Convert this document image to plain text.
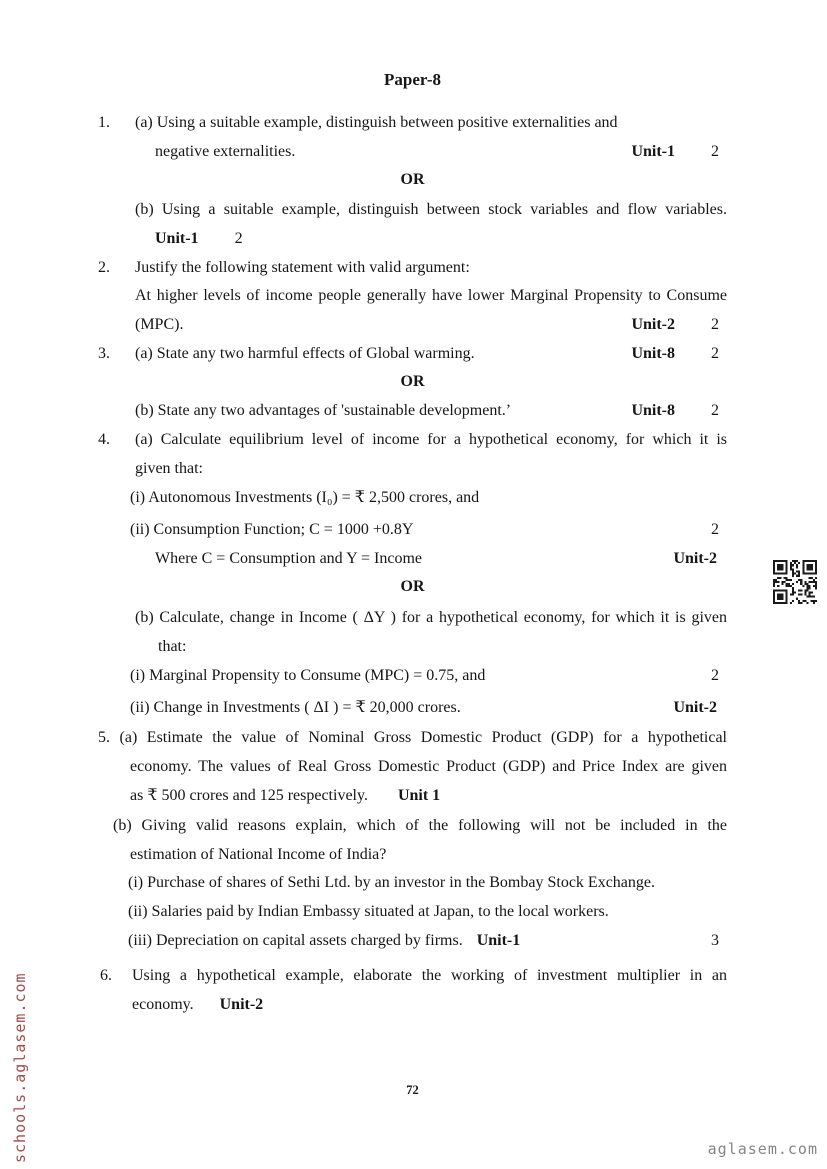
Paper-8
1. (a) Using a suitable example, distinguish between positive externalities and
negative externalities.	Unit-1 2
OR
(b) Using a suitable example, distinguish between stock variables and flow variables.
Unit-1 2
2. Justify the following statement with valid argument:
At higher levels of income people generally have lower Marginal Propensity to Consume
(MPC).	Unit-2 2
3. (a) State any two harmful effects of Global warming.	Unit-8 2
OR
(b) State any two advantages of 'sustainable development.’	Unit-8 2
4. (a) Calculate equilibrium level of income for a hypothetical economy, for which it is
given that:
(i) Autonomous Investments (I₀) = ₹ 2,500 crores, and
(ii) Consumption Function; C = 1000 +0.8Y	2
Where C = Consumption and Y = Income	Unit-2
OR
(b) Calculate, change in Income ( ΔY ) for a hypothetical economy, for which it is given
that:
(i) Marginal Propensity to Consume (MPC) = 0.75, and	2
(ii) Change in Investments ( ΔI ) = ₹ 20,000 crores.	Unit-2
5. (a) Estimate the value of Nominal Gross Domestic Product (GDP) for a hypothetical
economy. The values of Real Gross Domestic Product (GDP) and Price Index are given
as ₹ 500 crores and 125 respectively. Unit 1
(b) Giving valid reasons explain, which of the following will not be included in the
estimation of National Income of India?
(i) Purchase of shares of Sethi Ltd. by an investor in the Bombay Stock Exchange.
(ii) Salaries paid by Indian Embassy situated at Japan, to the local workers.
(iii) Depreciation on capital assets charged by firms. Unit-1	3
6. Using a hypothetical example, elaborate the working of investment multiplier in an
economy. Unit-2
72
aglasem.com
schools.aglasem.com
